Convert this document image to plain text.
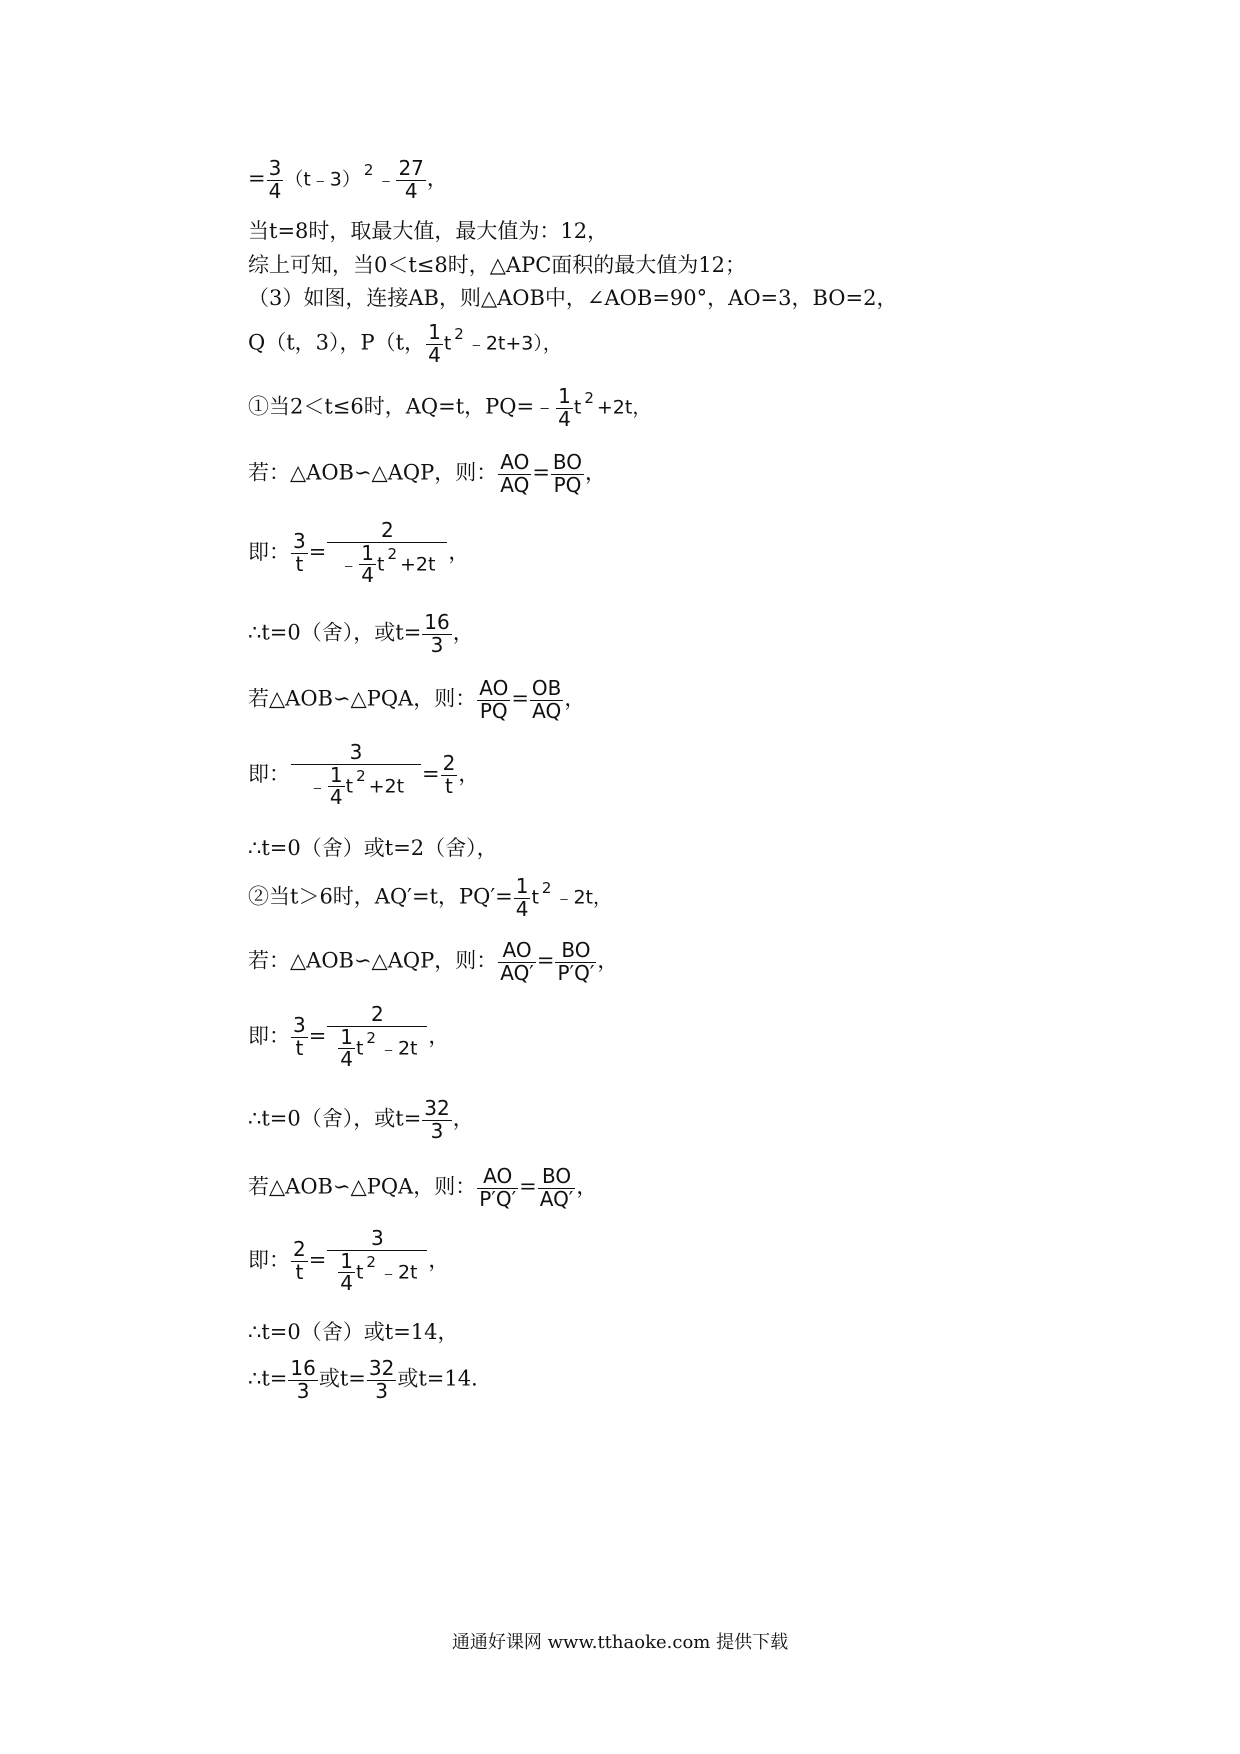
= $\frac{3}{4}$ （t﹣3） $^2$ ﹣ $\frac{27}{4}$ ，
当t=8时，取最大值，最大值为：12，
综上可知，当0＜t≤8时，△APC面积的最大值为12；
（3）如图，连接AB，则△AOB中，∠AOB=90°，AO=3，BO=2，
Q（t，3），P（t， $\frac{1}{4}$ t $^2$ ﹣2t+3），
①当2＜t≤6时，AQ=t，PQ=﹣ $\frac{1}{4}$ t $^2$ +2t，
若：△AOB∽△AQP，则： $\frac{AO}{AQ} = \frac{BO}{PQ}$ ，
即： $\frac{3}{t} = \frac{2}{﹣ \frac{1}{4} t ^2 +2t}$ ，
∴t=0（舍），或$t= \frac{16}{3}$ ，
若△AOB∽△PQA，则： $\frac{AO}{PQ} = \frac{OB}{AQ}$ ，
即： $\frac{3}{﹣ \frac{1}{4} t ^2 +2t} = \frac{2}{t}$ ，
∴t=0（舍）或t=2（舍），
②当t＞6时，AQ′=t，$PQ'= \frac{1}{4}$ t $^2$ ﹣2t，
若：△AOB∽△AQP，则： $\frac{AO}{AQ'} = \frac{BO}{P'Q'}$ ，
即： $\frac{3}{t} = \frac{2}{\frac{1}{4} t ^2 ﹣2t}$ ，
∴t=0（舍），或$t= \frac{32}{3}$ ，
若△AOB∽△PQA，则： $\frac{AO}{P'Q'} = \frac{BO}{AQ'}$ ，
即： $\frac{2}{t} = \frac{3}{\frac{1}{4} t ^2 ﹣2t}$ ，
∴t=0（舍）或t=14，
∴t= $\frac{16}{3}$ 或$t= \frac{32}{3}$ 或t=14．
通通好课网 www.tthaoke.com 提供下载
